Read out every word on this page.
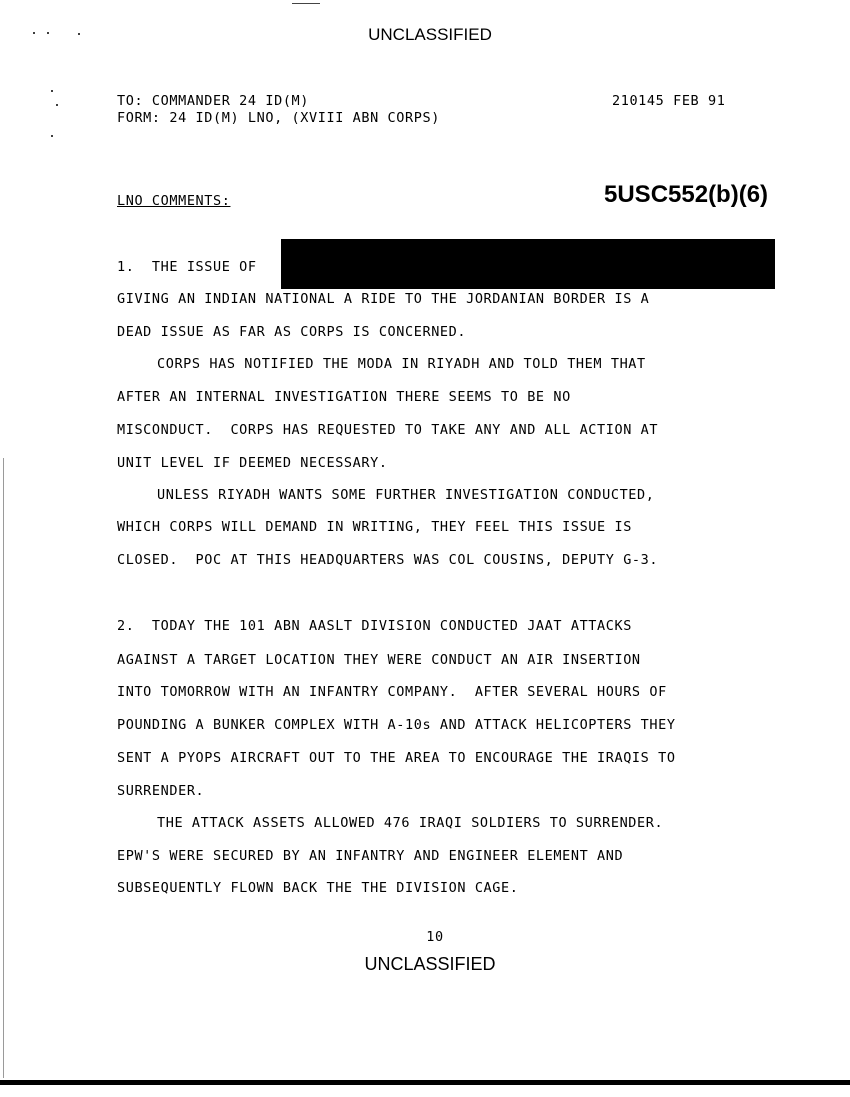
UNCLASSIFIED
TO: COMMANDER 24 ID(M)
FORM: 24 ID(M) LNO, (XVIII ABN CORPS)
210145 FEB 91
LNO COMMENTS:	5USC552(b)(6)
1.  THE ISSUE OF
GIVING AN INDIAN NATIONAL A RIDE TO THE JORDANIAN BORDER IS A
DEAD ISSUE AS FAR AS CORPS IS CONCERNED.
CORPS HAS NOTIFIED THE MODA IN RIYADH AND TOLD THEM THAT
AFTER AN INTERNAL INVESTIGATION THERE SEEMS TO BE NO
MISCONDUCT.  CORPS HAS REQUESTED TO TAKE ANY AND ALL ACTION AT
UNIT LEVEL IF DEEMED NECESSARY.
UNLESS RIYADH WANTS SOME FURTHER INVESTIGATION CONDUCTED,
WHICH CORPS WILL DEMAND IN WRITING, THEY FEEL THIS ISSUE IS
CLOSED.  POC AT THIS HEADQUARTERS WAS COL COUSINS, DEPUTY G-3.
2.  TODAY THE 101 ABN AASLT DIVISION CONDUCTED JAAT ATTACKS
AGAINST A TARGET LOCATION THEY WERE CONDUCT AN AIR INSERTION
INTO TOMORROW WITH AN INFANTRY COMPANY.  AFTER SEVERAL HOURS OF
POUNDING A BUNKER COMPLEX WITH A-10s AND ATTACK HELICOPTERS THEY
SENT A PYOPS AIRCRAFT OUT TO THE AREA TO ENCOURAGE THE IRAQIS TO
SURRENDER.
THE ATTACK ASSETS ALLOWED 476 IRAQI SOLDIERS TO SURRENDER.
EPW'S WERE SECURED BY AN INFANTRY AND ENGINEER ELEMENT AND
SUBSEQUENTLY FLOWN BACK THE THE DIVISION CAGE.
10
UNCLASSIFIED
